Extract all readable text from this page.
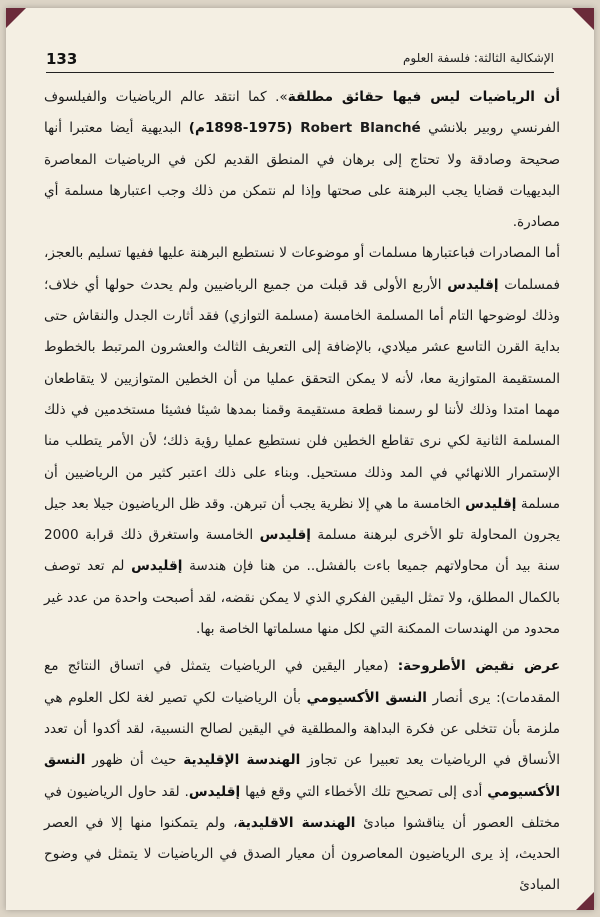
133	الإشكالية الثالثة: فلسفة العلوم

أن الرياضيات ليس فيها حقائق مطلقة». كما انتقد عالم الرياضيات والفيلسوف الفرنسي روبير بلانشي Robert Blanché (1898-1975م) البديهية أيضا معتبرا أنها صحيحة وصادقة ولا تحتاج إلى برهان في المنطق القديم لكن في الرياضيات المعاصرة البديهيات قضايا يجب البرهنة على صحتها وإذا لم نتمكن من ذلك وجب اعتبارها مسلمة أي مصادرة.

أما المصادرات فباعتبارها مسلمات أو موضوعات لا نستطيع البرهنة عليها ففيها تسليم بالعجز، فمسلمات إقليدس الأربع الأولى قد قبلت من جميع الرياضيين ولم يحدث حولها أي خلاف؛ وذلك لوضوحها التام أما المسلمة الخامسة (مسلمة التوازي) فقد أثارت الجدل والنقاش حتى بداية القرن التاسع عشر ميلادي، بالإضافة إلى التعريف الثالث والعشرون المرتبط بالخطوط المستقيمة المتوازية معا، لأنه لا يمكن التحقق عمليا من أن الخطين المتوازيين لا يتقاطعان مهما امتدا وذلك لأننا لو رسمنا قطعة مستقيمة وقمنا بمدها شيئا فشيئا مستخدمين في ذلك المسلمة الثانية لكي نرى تقاطع الخطين فلن نستطيع عمليا رؤية ذلك؛ لأن الأمر يتطلب منا الإستمرار اللانهائي في المد وذلك مستحيل. وبناء على ذلك اعتبر كثير من الرياضيين أن مسلمة إقليدس الخامسة ما هي إلا نظرية يجب أن تبرهن. وقد ظل الرياضيون جيلا بعد جيل يجرون المحاولة تلو الأخرى لبرهنة مسلمة إقليدس الخامسة واستغرق ذلك قرابة 2000 سنة بيد أن محاولاتهم جميعا باءت بالفشل.. من هنا فإن هندسة إقليدس لم تعد توصف بالكمال المطلق، ولا تمثل اليقين الفكري الذي لا يمكن نقضه، لقد أصبحت واحدة من عدد غير محدود من الهندسات الممكنة التي لكل منها مسلماتها الخاصة بها.

عرض نقيض الأطروحة: (معيار اليقين في الرياضيات يتمثل في اتساق النتائج مع المقدمات): يرى أنصار النسق الأكسيومي بأن الرياضيات لكي تصير لغة لكل العلوم هي ملزمة بأن تتخلى عن فكرة البداهة والمطلقية في اليقين لصالح النسبية، لقد أكدوا أن تعدد الأنساق في الرياضيات يعد تعبيرا عن تجاوز الهندسة الإقليدية حيث أن ظهور النسق الأكسيومي أدى إلى تصحيح تلك الأخطاء التي وقع فيها إقليدس. لقد حاول الرياضيون في مختلف العصور أن يناقشوا مبادئ الهندسة الاقليدية، ولم يتمكنوا منها إلا في العصر الحديث، إذ يرى الرياضيون المعاصرون أن معيار الصدق في الرياضيات لا يتمثل في وضوح المبادئ
